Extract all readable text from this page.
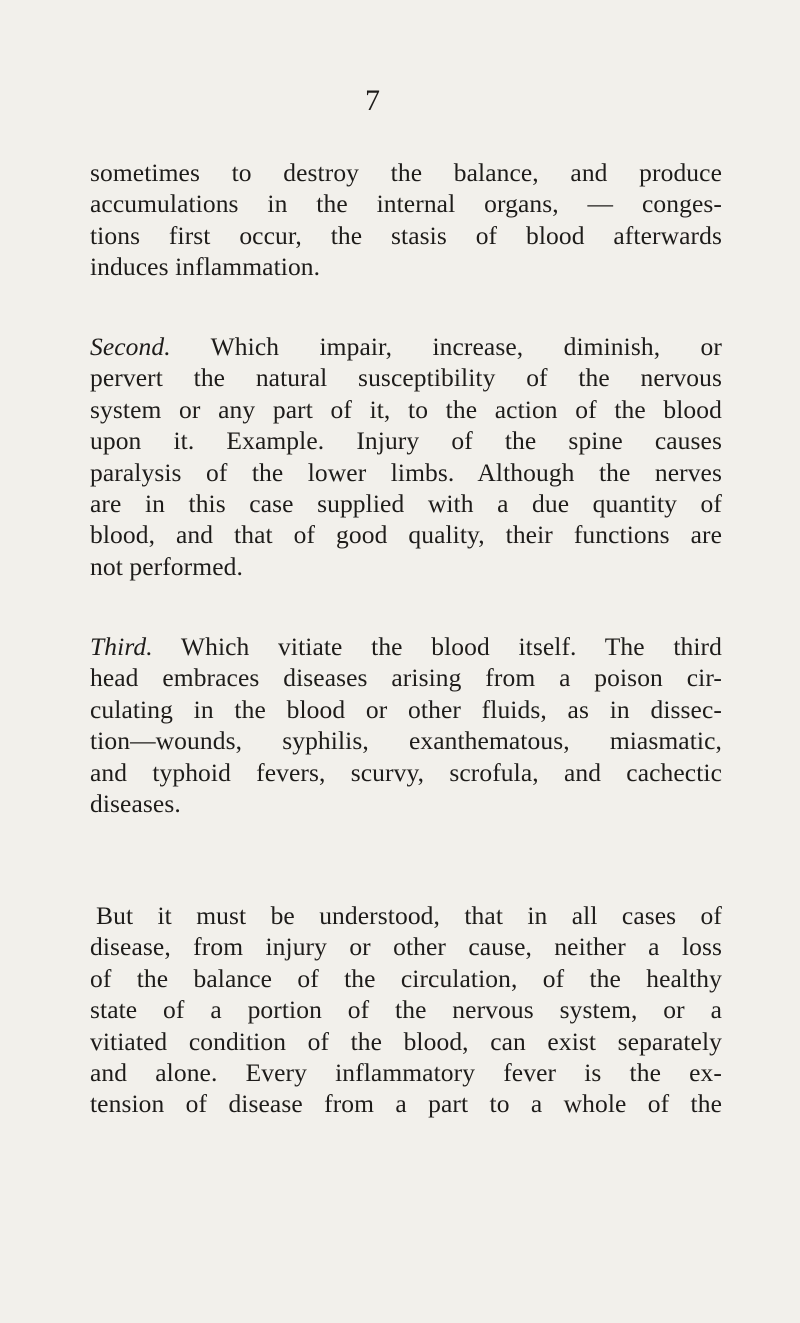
7
sometimes to destroy the balance, and produce
accumulations in the internal organs, — conges-
tions first occur, the stasis of blood afterwards
induces inflammation.
Second. Which impair, increase, diminish, or
pervert the natural susceptibility of the nervous
system or any part of it, to the action of the blood
upon it. Example. Injury of the spine causes
paralysis of the lower limbs. Although the nerves
are in this case supplied with a due quantity of
blood, and that of good quality, their functions are
not performed.
Third. Which vitiate the blood itself. The third
head embraces diseases arising from a poison cir-
culating in the blood or other fluids, as in dissec-
tion—wounds, syphilis, exanthematous, miasmatic,
and typhoid fevers, scurvy, scrofula, and cachectic
diseases.
But it must be understood, that in all cases of
disease, from injury or other cause, neither a loss
of the balance of the circulation, of the healthy
state of a portion of the nervous system, or a
vitiated condition of the blood, can exist separately
and alone. Every inflammatory fever is the ex-
tension of disease from a part to a whole of the
